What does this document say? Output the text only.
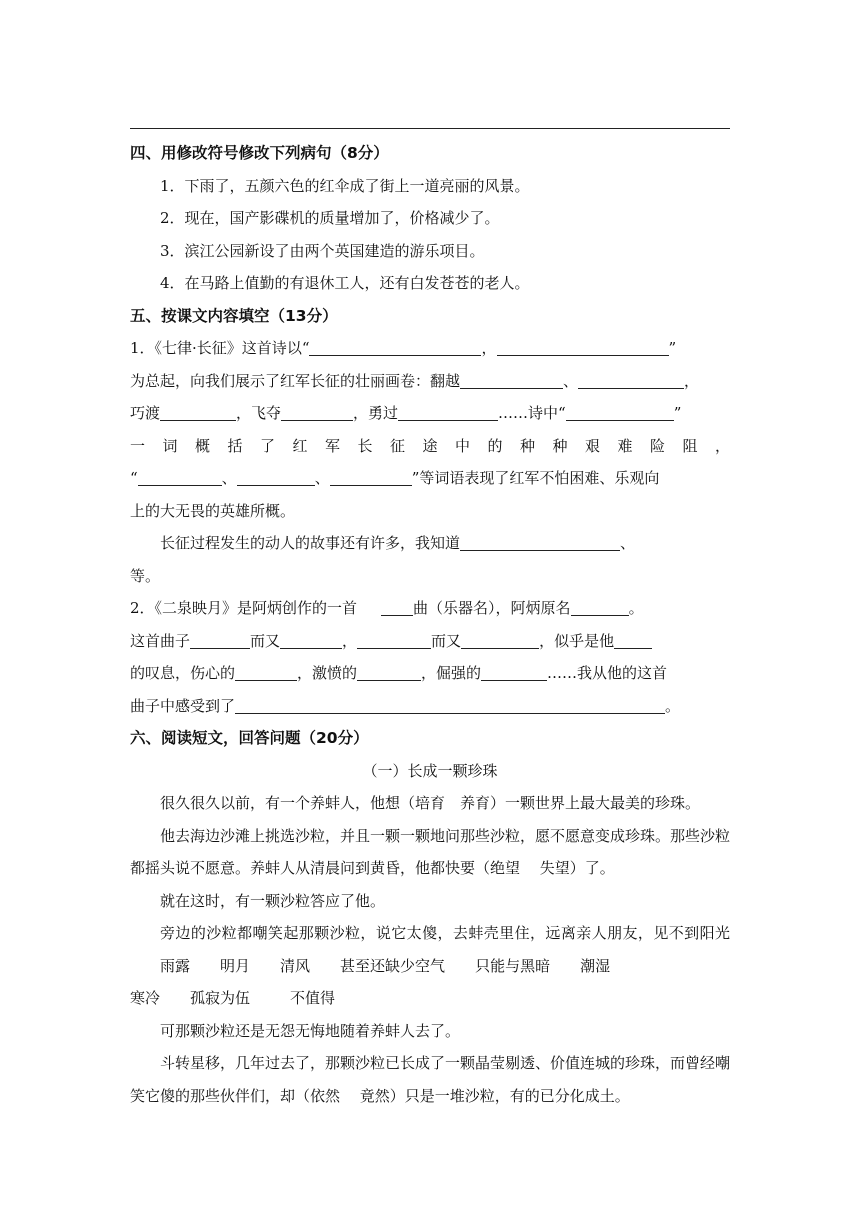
四、用修改符号修改下列病句（8分）

1．下雨了，五颜六色的红伞成了街上一道亮丽的风景。

2．现在，国产影碟机的质量增加了，价格减少了。

3．滨江公园新设了由两个英国建造的游乐项目。

4．在马路上值勤的有退休工人，还有白发苍苍的老人。

五、按课文内容填空（13分）

1．《七律·长征》这首诗以“	，	”

为总起，向我们展示了红军长征的壮丽画卷：翻越	、	，

巧渡	，飞夺	，勇过	……诗中“	”

一词概括了红军长征途中的种种艰难险阻，

“	、	、	”等词语表现了红军不怕困难、乐观向

上的大无畏的英雄所概。

长征过程发生的动人的故事还有许多，我知道	、

等。

2．《二泉映月》是阿炳创作的一首	曲（乐器名），阿炳原名	。

这首曲子	而又	，	而又	，似乎是他

的叹息，伤心的	，激愤的	，倔强的	……我从他的这首

曲子中感受到了	。

六、阅读短文，回答问题（20分）

（一）长成一颗珍珠

很久很久以前，有一个养蚌人，他想（培育　养育）一颗世界上最大最美的珍珠。

他去海边沙滩上挑选沙粒，并且一颗一颗地问那些沙粒，愿不愿意变成珍珠。那些沙粒都摇头说不愿意。养蚌人从清晨问到黄昏，他都快要（绝望　 失望）了。

就在这时，有一颗沙粒答应了他。

旁边的沙粒都嘲笑起那颗沙粒，说它太傻，去蚌壳里住，远离亲人朋友，见不到阳光雨露 明月 清风 甚至还缺少空气 只能与黑暗 潮湿
寒冷 孤寂为伍	不值得

可那颗沙粒还是无怨无悔地随着养蚌人去了。

斗转星移，几年过去了，那颗沙粒已长成了一颗晶莹剔透、价值连城的珍珠，而曾经嘲笑它傻的那些伙伴们，却（依然　 竟然）只是一堆沙粒，有的已分化成土。
